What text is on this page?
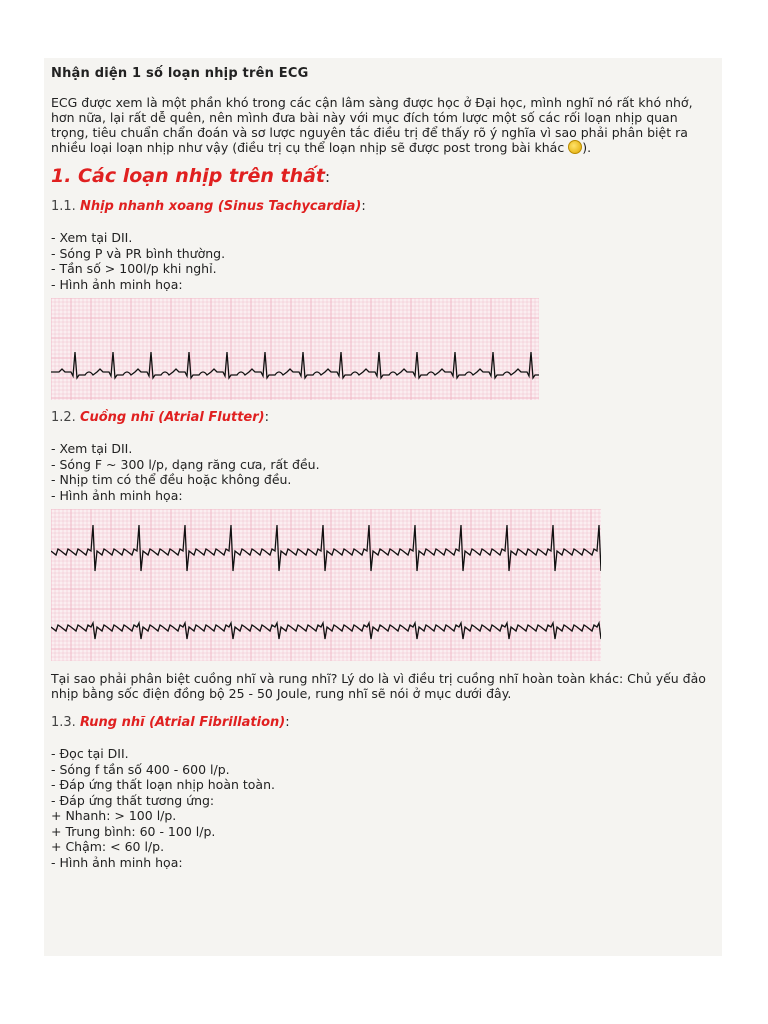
Nhận diện 1 số loạn nhịp trên ECG
ECG được xem là một phần khó trong các cận lâm sàng được học ở Đại học, mình nghĩ nó rất khó nhớ, hơn nữa, lại rất dễ quên, nên mình đưa bài này với mục đích tóm lược một số các rối loạn nhịp quan trọng, tiêu chuẩn chẩn đoán và sơ lược nguyên tắc điều trị để thấy rõ ý nghĩa vì sao phải phân biệt ra nhiều loại loạn nhịp như vậy (điều trị cụ thể loạn nhịp sẽ được post trong bài khác ).
1. Các loạn nhịp trên thất:
1.1. Nhịp nhanh xoang (Sinus Tachycardia):
- Xem tại DII.
- Sóng P và PR bình thường.
- Tần số > 100l/p khi nghỉ.
- Hình ảnh minh họa:
1.2. Cuồng nhĩ (Atrial Flutter):
- Xem tại DII.
- Sóng F ~ 300 l/p, dạng răng cưa, rất đều.
- Nhịp tim có thể đều hoặc không đều.
- Hình ảnh minh họa:
Tại sao phải phân biệt cuồng nhĩ và rung nhĩ? Lý do là vì điều trị cuồng nhĩ hoàn toàn khác: Chủ yếu đảo nhịp bằng sốc điện đồng bộ 25 - 50 Joule, rung nhĩ sẽ nói ở mục dưới đây.
1.3. Rung nhĩ (Atrial Fibrillation):
- Đọc tại DII.
- Sóng f tần số 400 - 600 l/p.
- Đáp ứng thất loạn nhịp hoàn toàn.
- Đáp ứng thất tương ứng:
+ Nhanh: > 100 l/p.
+ Trung bình: 60 - 100 l/p.
+ Chậm: < 60 l/p.
- Hình ảnh minh họa:
